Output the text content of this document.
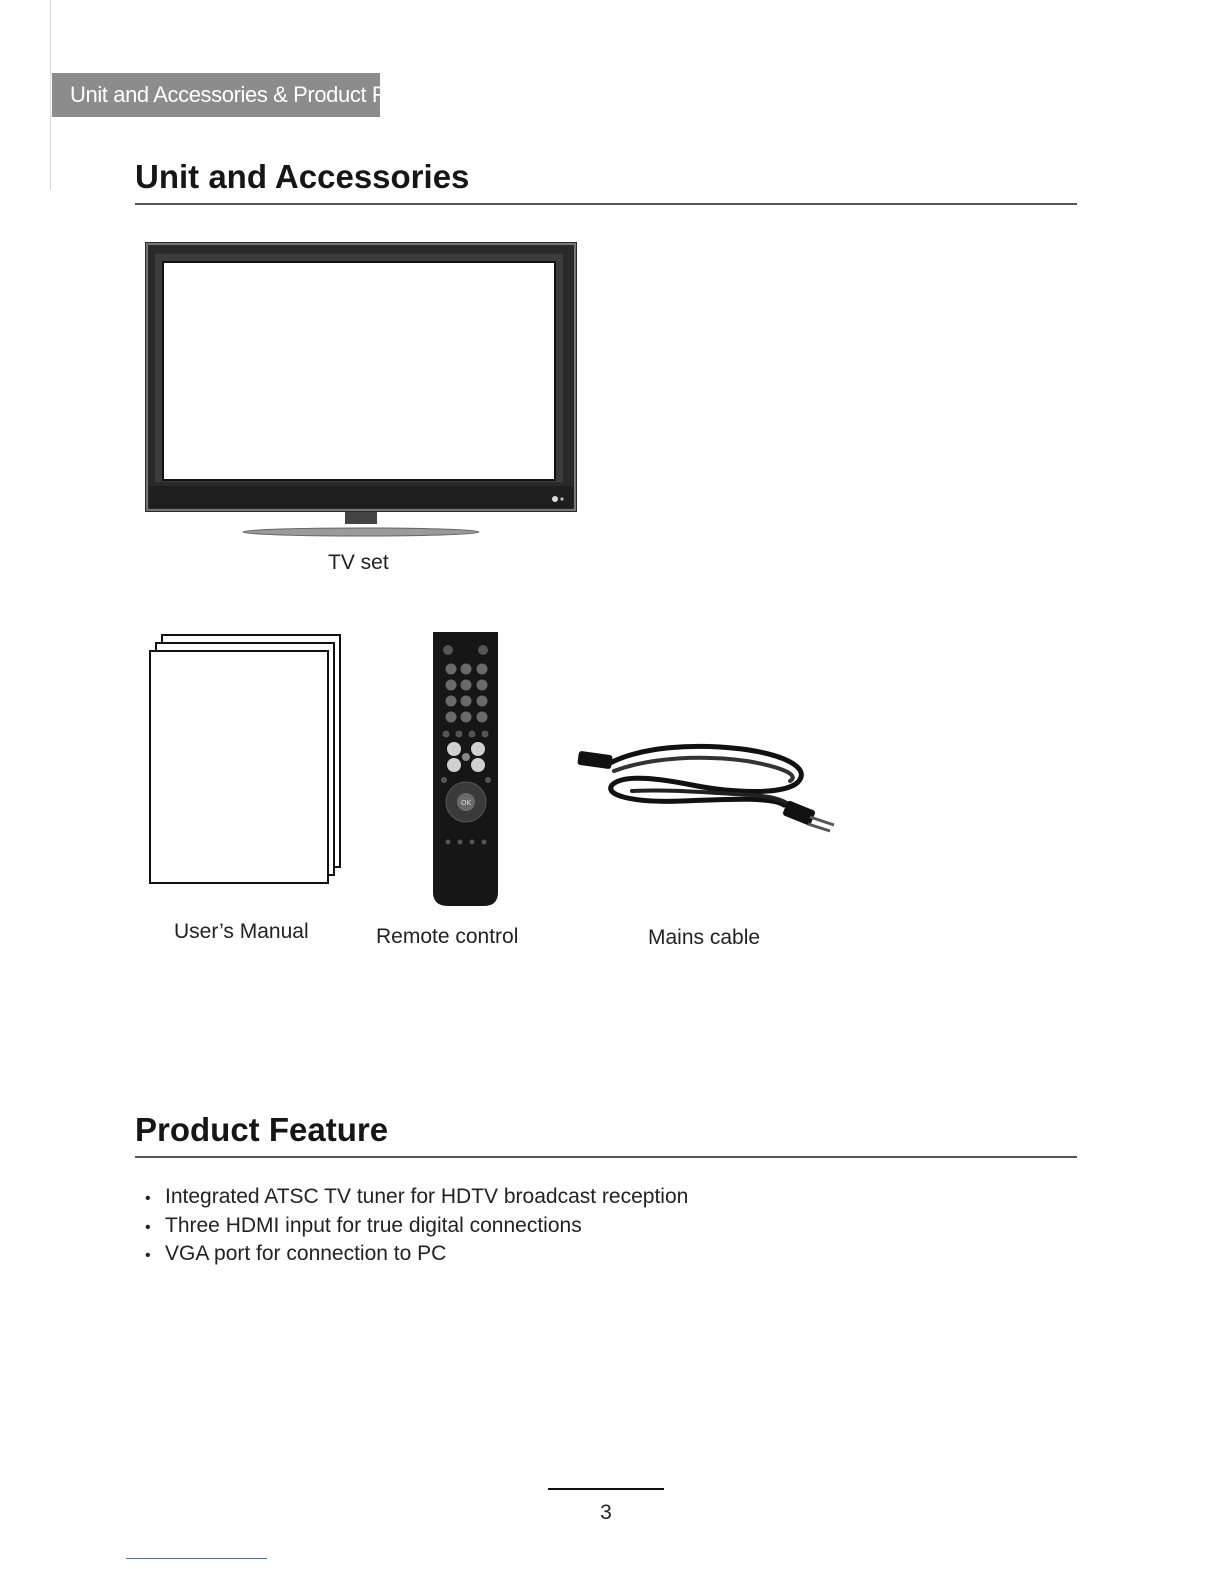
Unit and Accessories & Product Feature
Unit and Accessories
TV set
User’s Manual
OK
Remote control	Mains cable
Product Feature
• Integrated ATSC TV tuner for HDTV broadcast reception
• Three HDMI input for true digital connections
• VGA port for connection to PC
3
